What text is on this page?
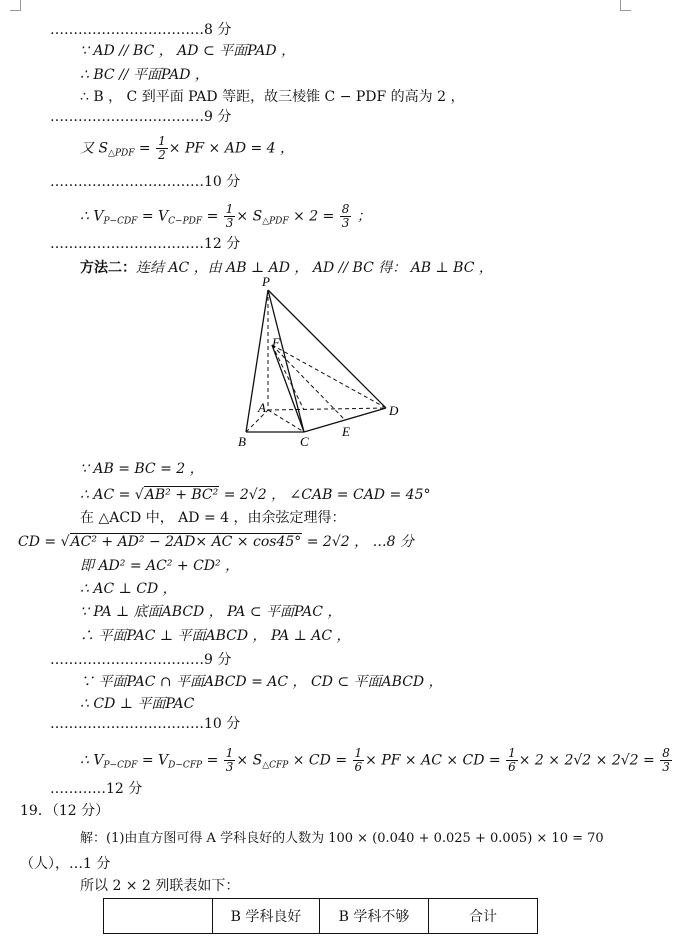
……………………………8 分
∵ AD // BC ， AD ⊂ 平面PAD ，
∴ BC // 平面PAD ，
∴ B ， C 到平面 PAD 等距，故三棱锥 C − PDF 的高为 2 ，
……………………………9 分
又 $S_{\triangle PDF} = \frac{1}{2}$ × PF × AD = 4 ，
……………………………10 分
∴ $V_{P-CDF} = V_{C-PDF} = \frac{1}{3} \times S_{\triangle PDF} \times 2 = \frac{8}{3}$ ；
……………………………12 分
方法二：连结 AC ，由 AB ⊥ AD ， AD // BC 得： AB ⊥ BC ，
P
F
A
B	C
D
E
∵ AB = BC = 2 ，
∴ AC = √AB² + BC² = 2√2 ， ∠CAB = CAD = 45°
在 △ACD 中， AD = 4 ，由余弦定理得：
CD = √AC² + AD² − 2AD× AC × cos45° = 2√2 ， …8 分
即 AD² = AC² + CD² ，
∴ AC ⊥ CD ，
∵ PA ⊥ 底面ABCD ， PA ⊂ 平面PAC ，
∴ 平面PAC ⊥ 平面ABCD ， PA ⊥ AC ，
……………………………9 分
∵ 平面PAC ∩ 平面ABCD = AC ， CD ⊂ 平面ABCD ，
∴ CD ⊥ 平面PAC
……………………………10 分
∴ $V_{P-CDF} = V_{D-CFP} = \frac{1}{3} \times S_{\triangle CFP}$ × CD = $\frac{1}{6}$ × PF × AC × CD = $\frac{1}{6} \times 2 \times 2√2 \times 2√2 = \frac{8}{3}$
…………12 分
19．（12 分）
解：(1)由直方图可得 A 学科良好的人数为 100 × (0.040 + 0.025 + 0.005) × 10 = 70
（人），…1 分
所以 2 × 2 列联表如下：
	B 学科良好	B 学科不够	合计
